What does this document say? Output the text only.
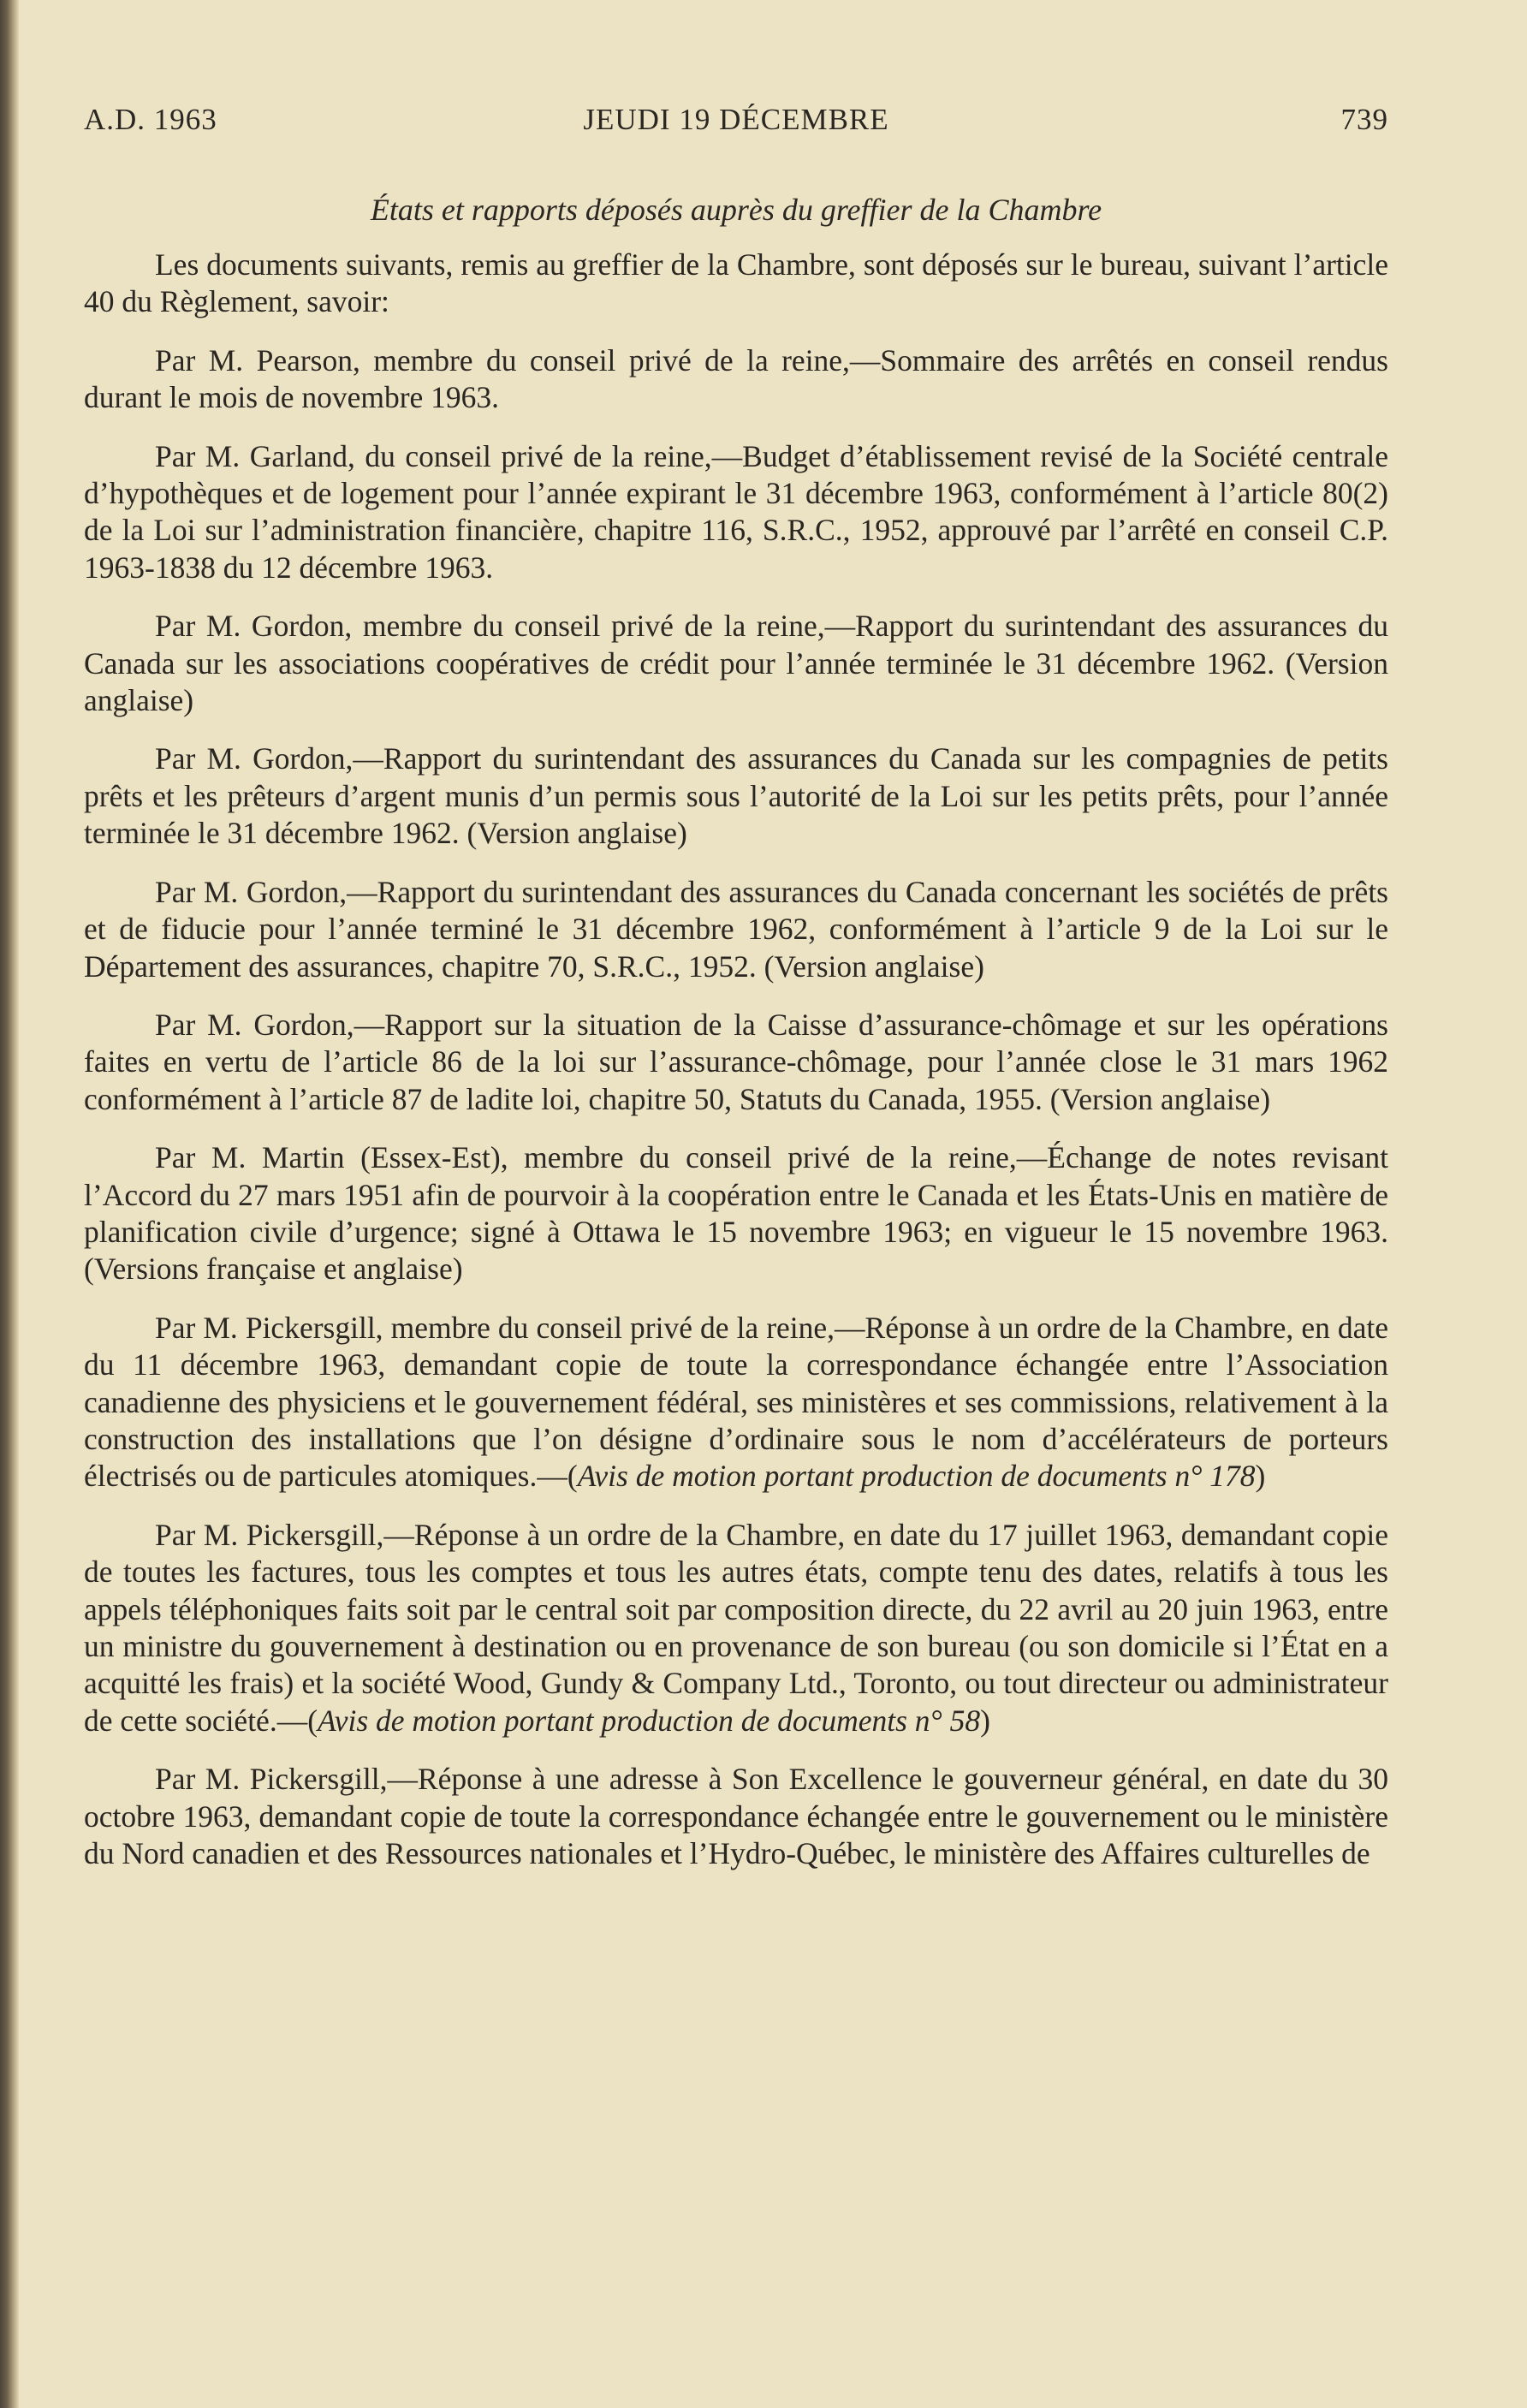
A.D. 1963	JEUDI 19 DÉCEMBRE	739
États et rapports déposés auprès du greffier de la Chambre

Les documents suivants, remis au greffier de la Chambre, sont déposés sur le bureau, suivant l’article 40 du Règlement, savoir:

Par M. Pearson, membre du conseil privé de la reine,—Sommaire des arrêtés en conseil rendus durant le mois de novembre 1963.

Par M. Garland, du conseil privé de la reine,—Budget d’établissement revisé de la Société centrale d’hypothèques et de logement pour l’année expirant le 31 décembre 1963, conformément à l’article 80(2) de la Loi sur l’administration financière, chapitre 116, S.R.C., 1952, approuvé par l’arrêté en conseil C.P. 1963-1838 du 12 décembre 1963.

Par M. Gordon, membre du conseil privé de la reine,—Rapport du surintendant des assurances du Canada sur les associations coopératives de crédit pour l’année terminée le 31 décembre 1962. (Version anglaise)

Par M. Gordon,—Rapport du surintendant des assurances du Canada sur les compagnies de petits prêts et les prêteurs d’argent munis d’un permis sous l’autorité de la Loi sur les petits prêts, pour l’année terminée le 31 décembre 1962. (Version anglaise)

Par M. Gordon,—Rapport du surintendant des assurances du Canada concernant les sociétés de prêts et de fiducie pour l’année terminé le 31 décembre 1962, conformément à l’article 9 de la Loi sur le Département des assurances, chapitre 70, S.R.C., 1952. (Version anglaise)

Par M. Gordon,—Rapport sur la situation de la Caisse d’assurance-chômage et sur les opérations faites en vertu de l’article 86 de la loi sur l’assurance-chômage, pour l’année close le 31 mars 1962 conformément à l’article 87 de ladite loi, chapitre 50, Statuts du Canada, 1955. (Version anglaise)

Par M. Martin (Essex-Est), membre du conseil privé de la reine,—Échange de notes revisant l’Accord du 27 mars 1951 afin de pourvoir à la coopération entre le Canada et les États-Unis en matière de planification civile d’urgence; signé à Ottawa le 15 novembre 1963; en vigueur le 15 novembre 1963. (Versions française et anglaise)

Par M. Pickersgill, membre du conseil privé de la reine,—Réponse à un ordre de la Chambre, en date du 11 décembre 1963, demandant copie de toute la correspondance échangée entre l’Association canadienne des physiciens et le gouvernement fédéral, ses ministères et ses commissions, relativement à la construction des installations que l’on désigne d’ordinaire sous le nom d’accélérateurs de porteurs électrisés ou de particules atomiques.—(Avis de motion portant production de documents n° 178)

Par M. Pickersgill,—Réponse à un ordre de la Chambre, en date du 17 juillet 1963, demandant copie de toutes les factures, tous les comptes et tous les autres états, compte tenu des dates, relatifs à tous les appels téléphoniques faits soit par le central soit par composition directe, du 22 avril au 20 juin 1963, entre un ministre du gouvernement à destination ou en provenance de son bureau (ou son domicile si l’État en a acquitté les frais) et la société Wood, Gundy & Company Ltd., Toronto, ou tout directeur ou administrateur de cette société.—(Avis de motion portant production de documents n° 58)

Par M. Pickersgill,—Réponse à une adresse à Son Excellence le gouverneur général, en date du 30 octobre 1963, demandant copie de toute la correspondance échangée entre le gouvernement ou le ministère du Nord canadien et des Ressources nationales et l’Hydro-Québec, le ministère des Affaires culturelles de
